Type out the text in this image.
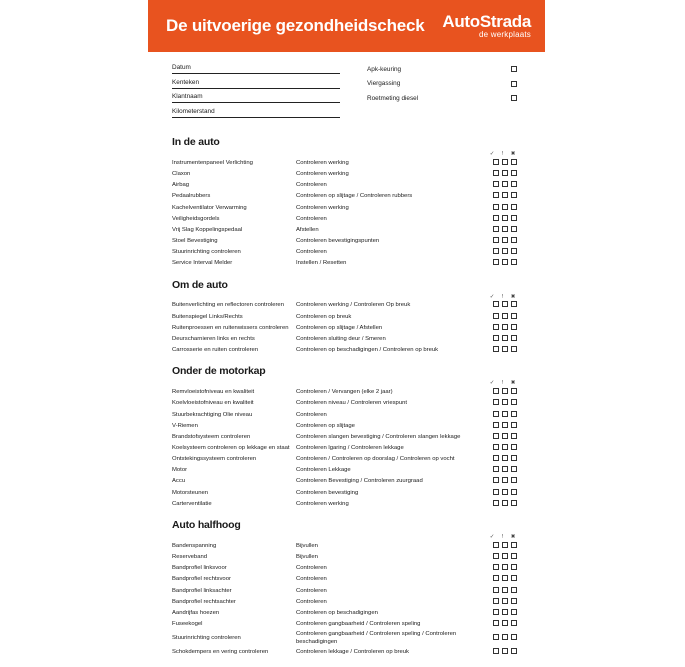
De uitvoerige gezondheidscheck AutoStrada
de werkplaats
Datum
Kenteken
Klantnaam
Kilometerstand
Apk-keuring
Viergassing
Roetmeting diesel
In de auto
✓	!	✖
Instrumentenpaneel Verlichting	Controleren werking	
Claxon	Controleren werking	
Airbag	Controleren	
Pedaalrubbers	Controleren op slijtage / Controleren rubbers	
Kachelventilator Verwarming	Controleren werking	
Veiligheidsgordels	Controleren	
Vrij Slag Koppelingspedaal	Afstellen	
Stoel Bevestiging	Controleren bevestigingspunten	
Stuurinrichting controleren	Controleren	
Service Interval Melder	Instellen / Resetten	
Om de auto
✓	!	✖
Buitenverlichting en reflectoren controleren	Controleren werking / Controleren Op breuk	
Buitenspiegel Links/Rechts	Controleren op breuk	
Ruitenproessen en ruitenwissers controleren	Controleren op slijtage / Afstellen	
Deurscharnieren links en rechts	Controleren sluiting deur / Smeren	
Carrosserie en ruiten controleren	Controleren op beschadigingen / Controleren op breuk	
Onder de motorkap
✓	!	✖
Remvloeistofniveau en kwaliteit	Controleren / Vervangen (elke 2 jaar)	
Koelvloeistofniveau en kwaliteit	Controleren niveau / Controleren vriespunt	
Stuurbekrachtiging Olie niveau	Controleren	
V-Riemen	Controleren op slijtage	
Brandstofsysteem controleren	Controleren slangen bevestiging / Controleren slangen lekkage	
Koelsysteem controleren op lekkage en staat	Controleren lgaring / Controleren lekkage	
Ontstekingssysteem controleren	Controleren / Controleren op doorslag / Controleren op vocht	
Motor	Controleren Lekkage	
Accu	Controleren Bevestiging / Controleren zuurgraad	
Motorsteunen	Controleren bevestiging	
Carterventilatie	Controleren werking	
Auto halfhoog
✓	!	✖
Bandenspanning	Bijvullen	
Reserveband	Bijvullen	
Bandprofiel linksvoor	Controleren	
Bandprofiel rechtsvoor	Controleren	
Bandprofiel linksachter	Controleren	
Bandprofiel rechtsachter	Controleren	
Aandrijfas hoezen	Controleren op beschadigingen	
Fuseekogel	Controleren gangbaarheid / Controleren speling	
Stuurinrichting controleren	Controleren gangbaarheid / Controleren speling / Controleren beschadigingen	
Schokdempers en vering controleren	Controleren lekkage / Controleren op breuk	
